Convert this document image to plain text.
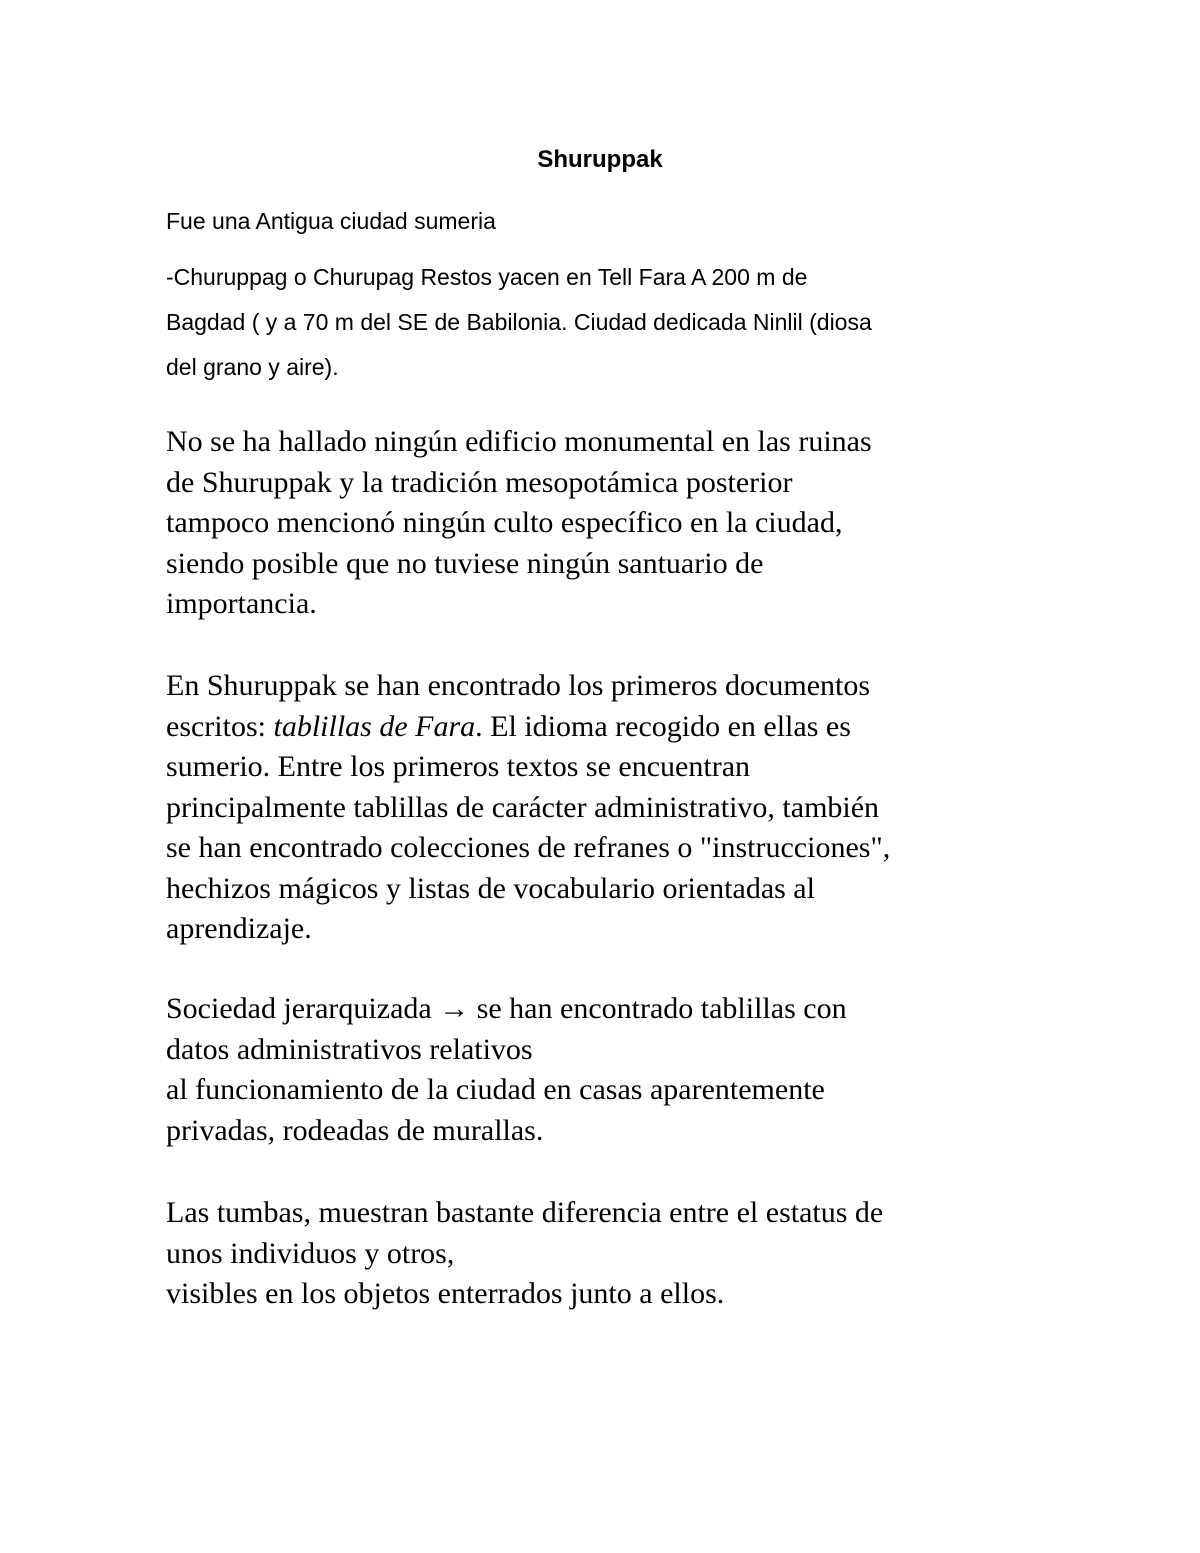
Shuruppak

Fue una Antigua ciudad sumeria

-Churuppag o Churupag Restos yacen en Tell Fara A 200 m de
Bagdad ( y a 70 m del SE de Babilonia. Ciudad dedicada Ninlil (diosa
del grano y aire).

No se ha hallado ningún edificio monumental en las ruinas
de Shuruppak y la tradición mesopotámica posterior
tampoco mencionó ningún culto específico en la ciudad,
siendo posible que no tuviese ningún santuario de
importancia.

En Shuruppak se han encontrado los primeros documentos
escritos: tablillas de Fara. El idioma recogido en ellas es
sumerio. Entre los primeros textos se encuentran
principalmente tablillas de carácter administrativo, también
se han encontrado colecciones de refranes o "instrucciones",
hechizos mágicos y listas de vocabulario orientadas al
aprendizaje.

Sociedad jerarquizada → se han encontrado tablillas con
datos administrativos relativos
al funcionamiento de la ciudad en casas aparentemente
privadas, rodeadas de murallas.

Las tumbas, muestran bastante diferencia entre el estatus de
unos individuos y otros,
visibles en los objetos enterrados junto a ellos.
